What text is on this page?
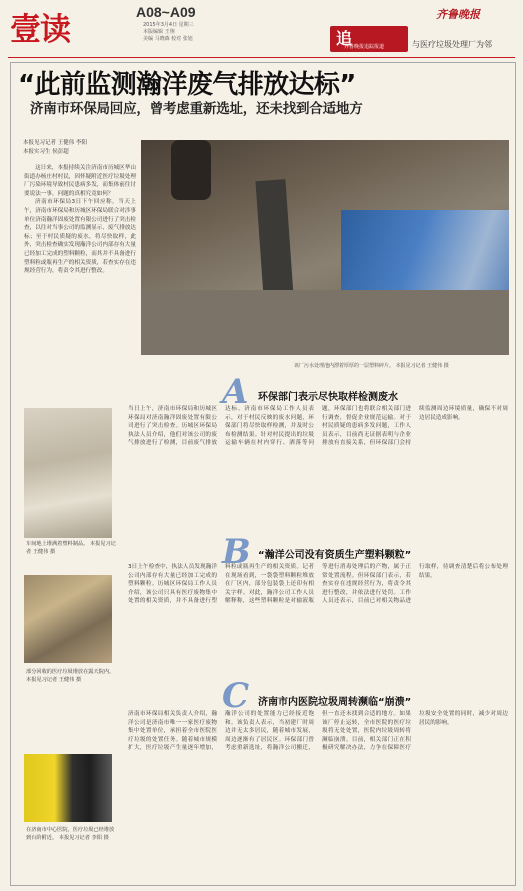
壹读	A08~A09
2015年3月4日 星期三
本版编辑 王翔
美编 马晓森 校对 张旭
齐鲁晚报
追
齐鲁晚报追踪报道	与医疗垃圾处理厂为邻
“此前监测瀚洋废气排放达标”
济南市环保局回应，曾考虑重新选址，还未找到合适地方
本报见习记者 王健伟 李阳
本报实习生 侯彭超

这日来，本报持续关注济南市历城区华山街道办杨庄村村民，因怀疑附近医疗垃圾处理厂污染环境导致村民患病多发，而集体前往讨要说法一事，问题的真相究竟如何？

济南市环保局3日下午回应称，当天上午，济南市环保局和历城区环保局联合对涉事单位济南瀚洋固废处置有限公司进行了突击检查，以往对当事公司的监测显示，废气排放达标；至于村民质疑的废水，将尽快取样，此外，突击检查确实发现瀚洋公司内部存有大量已经加工完成的塑料颗粒，而其并不具备进行塑料粒或瓶再生产的相关资质，若查实存在违规经营行为，将责令其进行整改。

该厂污水处理池内漂着厚厚的一层塑料碎片。 本报见习记者 王健伟 摄
A 环保部门表示尽快取样检测废水
当日上午，济南市环保局和历城区环保局对济南瀚洋固废处置有限公司进行了突击检查。历城区环保局执法人员介绍，他们对该公司的废气排放进行了检测，目前废气排放达标。济南市环保局工作人员表示，对于村民反映的废水问题，环保部门将尽快取样检测，并及时公布检测结果。针对村民提出的垃圾运输车辆在村内穿行、洒落等问题，环保部门也将联合相关部门进行调查，督促企业规范运输。对于村民质疑的患病多发问题，工作人员表示，目前尚无证据表明与企业排放有直接关系，但环保部门会持续监测周边环境质量，确保不对周边居民造成影响。
B “瀚洋公司没有资质生产塑料颗粒”
3日上午检查中，执法人员发现瀚洋公司内部存有大量已经加工完成的塑料颗粒。历城区环保局工作人员介绍，该公司只具有医疗废物集中处置的相关资质，并不具备进行塑料粒或瓶再生产的相关资质。记者在现场看到，一袋袋塑料颗粒堆放在厂区内，部分包装袋上还印有相关字样。对此，瀚洋公司工作人员解释称，这些塑料颗粒是对输液瓶等进行消毒处理后的产物，属于正常处置流程。但环保部门表示，若查实存在违规经营行为，将责令其进行整改，并依法进行处罚。工作人员还表示，目前已对相关物品进行取样，待调查清楚后将公布处理结果。
C 济南市内医院垃圾周转濒临“崩溃”
济南市环保局相关负责人介绍，瀚洋公司是济南市唯一一家医疗废物集中处置单位，承担着全市医院医疗垃圾的处置任务。随着城市规模扩大，医疗垃圾产生量逐年增加，瀚洋公司的处置能力已经接近饱和。该负责人表示，当初建厂时周边并无太多居民，随着城市发展，周边逐渐有了居民区。环保部门曾考虑重新选址，将瀚洋公司搬迁，但一直还未找到合适的地方。如果该厂停止运转，全市医院的医疗垃圾将无处处置，医院内垃圾周转将濒临崩溃。目前，相关部门正在积极研究解决办法，力争在保障医疗垃圾安全处置的同时，减少对周边居民的影响。
车间地上堆满着塑料制品。 本报见习记者 王健伟 摄
部分回收的医疗垃圾堆放在露天院内。 本报见习记者 王健伟 摄
在济南市中心医院，医疗垃圾已经堆放到台阶附近。 本报见习记者 李阳 摄
